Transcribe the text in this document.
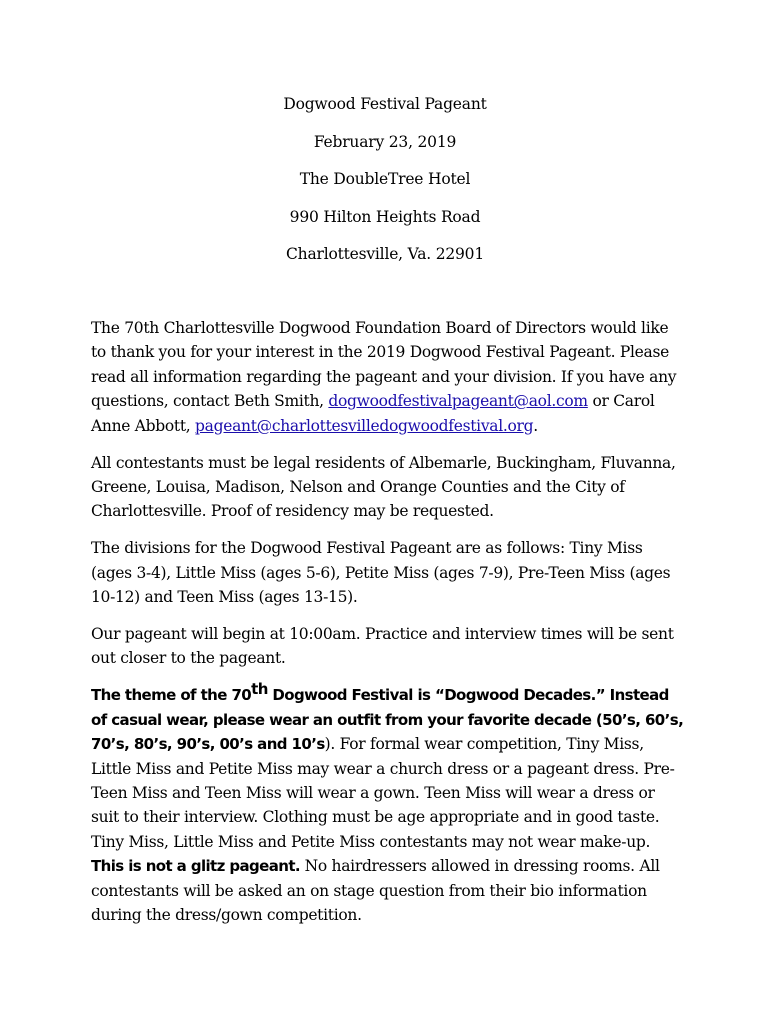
Dogwood Festival Pageant
February 23, 2019
The DoubleTree Hotel
990 Hilton Heights Road
Charlottesville, Va. 22901

The 70th Charlottesville Dogwood Foundation Board of Directors would like to thank you for your interest in the 2019 Dogwood Festival Pageant. Please read all information regarding the pageant and your division. If you have any questions, contact Beth Smith, dogwoodfestivalpageant@aol.com or Carol Anne Abbott, pageant@charlottesvilledogwoodfestival.org.

All contestants must be legal residents of Albemarle, Buckingham, Fluvanna, Greene, Louisa, Madison, Nelson and Orange Counties and the City of Charlottesville. Proof of residency may be requested.

The divisions for the Dogwood Festival Pageant are as follows: Tiny Miss (ages 3-4), Little Miss (ages 5-6), Petite Miss (ages 7-9), Pre-Teen Miss (ages 10-12) and Teen Miss (ages 13-15).

Our pageant will begin at 10:00am. Practice and interview times will be sent out closer to the pageant.

The theme of the 70th Dogwood Festival is “Dogwood Decades.” Instead of casual wear, please wear an outfit from your favorite decade (50’s, 60’s, 70’s, 80’s, 90’s, 00’s and 10’s). For formal wear competition, Tiny Miss, Little Miss and Petite Miss may wear a church dress or a pageant dress. Pre-Teen Miss and Teen Miss will wear a gown. Teen Miss will wear a dress or suit to their interview. Clothing must be age appropriate and in good taste. Tiny Miss, Little Miss and Petite Miss contestants may not wear make-up. This is not a glitz pageant. No hairdressers allowed in dressing rooms. All contestants will be asked an on stage question from their bio information during the dress/gown competition.
